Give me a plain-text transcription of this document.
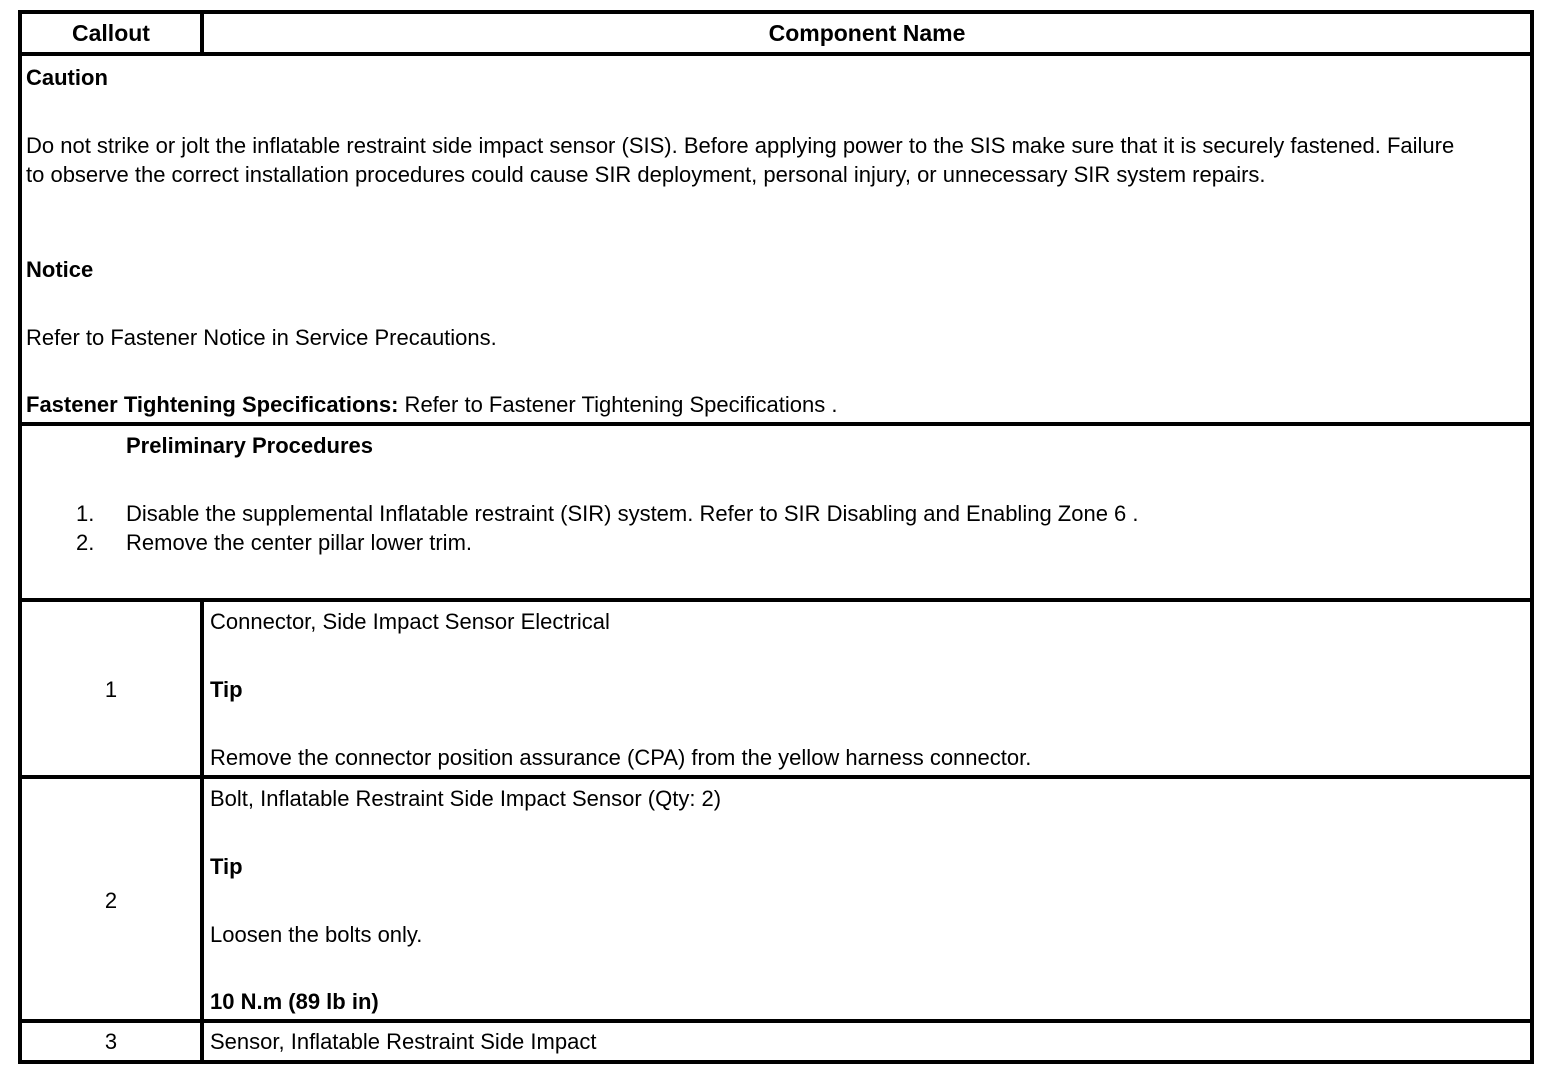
Callout	Component Name
Caution
Do not strike or jolt the inflatable restraint side impact sensor (SIS). Before applying power to the SIS make sure that it is securely fastened. Failure to observe the correct installation procedures could cause SIR deployment, personal injury, or unnecessary SIR system repairs.
Notice
Refer to Fastener Notice in Service Precautions.
Fastener Tightening Specifications: Refer to Fastener Tightening Specifications .
Preliminary Procedures
1. Disable the supplemental Inflatable restraint (SIR) system. Refer to SIR Disabling and Enabling Zone 6 .
2. Remove the center pillar lower trim.
1
Connector, Side Impact Sensor Electrical
Tip
Remove the connector position assurance (CPA) from the yellow harness connector.
2
Bolt, Inflatable Restraint Side Impact Sensor (Qty: 2)
Tip
Loosen the bolts only.
10 N.m (89 lb in)
3	Sensor, Inflatable Restraint Side Impact
